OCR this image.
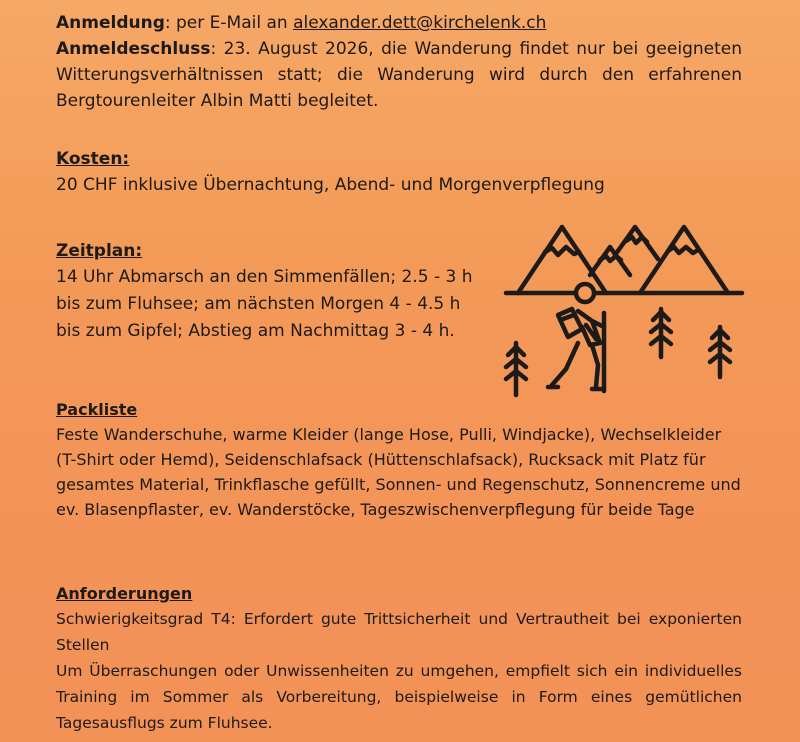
Anmeldung: per E-Mail an alexander.dett@kirchelenk.ch

Anmeldeschluss: 23. August 2026, die Wanderung findet nur bei geeigneten Witterungsverhältnissen statt; die Wanderung wird durch den erfahrenen Bergtourenleiter Albin Matti begleitet.

Kosten:

20 CHF inklusive Übernachtung, Abend- und Morgenverpflegung

Zeitplan:

14 Uhr Abmarsch an den Simmenfällen; 2.5 - 3 h bis zum Fluhsee; am nächsten Morgen 4 - 4.5 h bis zum Gipfel; Abstieg am Nachmittag 3 - 4 h.

Packliste

Feste Wanderschuhe, warme Kleider (lange Hose, Pulli, Windjacke), Wechselkleider (T-Shirt oder Hemd), Seidenschlafsack (Hüttenschlafsack), Rucksack mit Platz für gesamtes Material, Trinkflasche gefüllt, Sonnen- und Regenschutz, Sonnencreme und ev. Blasenpflaster, ev. Wanderstöcke, Tageszwischenverpflegung für beide Tage

Anforderungen

Schwierigkeitsgrad T4: Erfordert gute Trittsicherheit und Vertrautheit bei exponierten Stellen

Um Überraschungen oder Unwissenheiten zu umgehen, empfielt sich ein individuelles Training im Sommer als Vorbereitung, beispielweise in Form eines gemütlichen Tagesausflugs zum Fluhsee.
